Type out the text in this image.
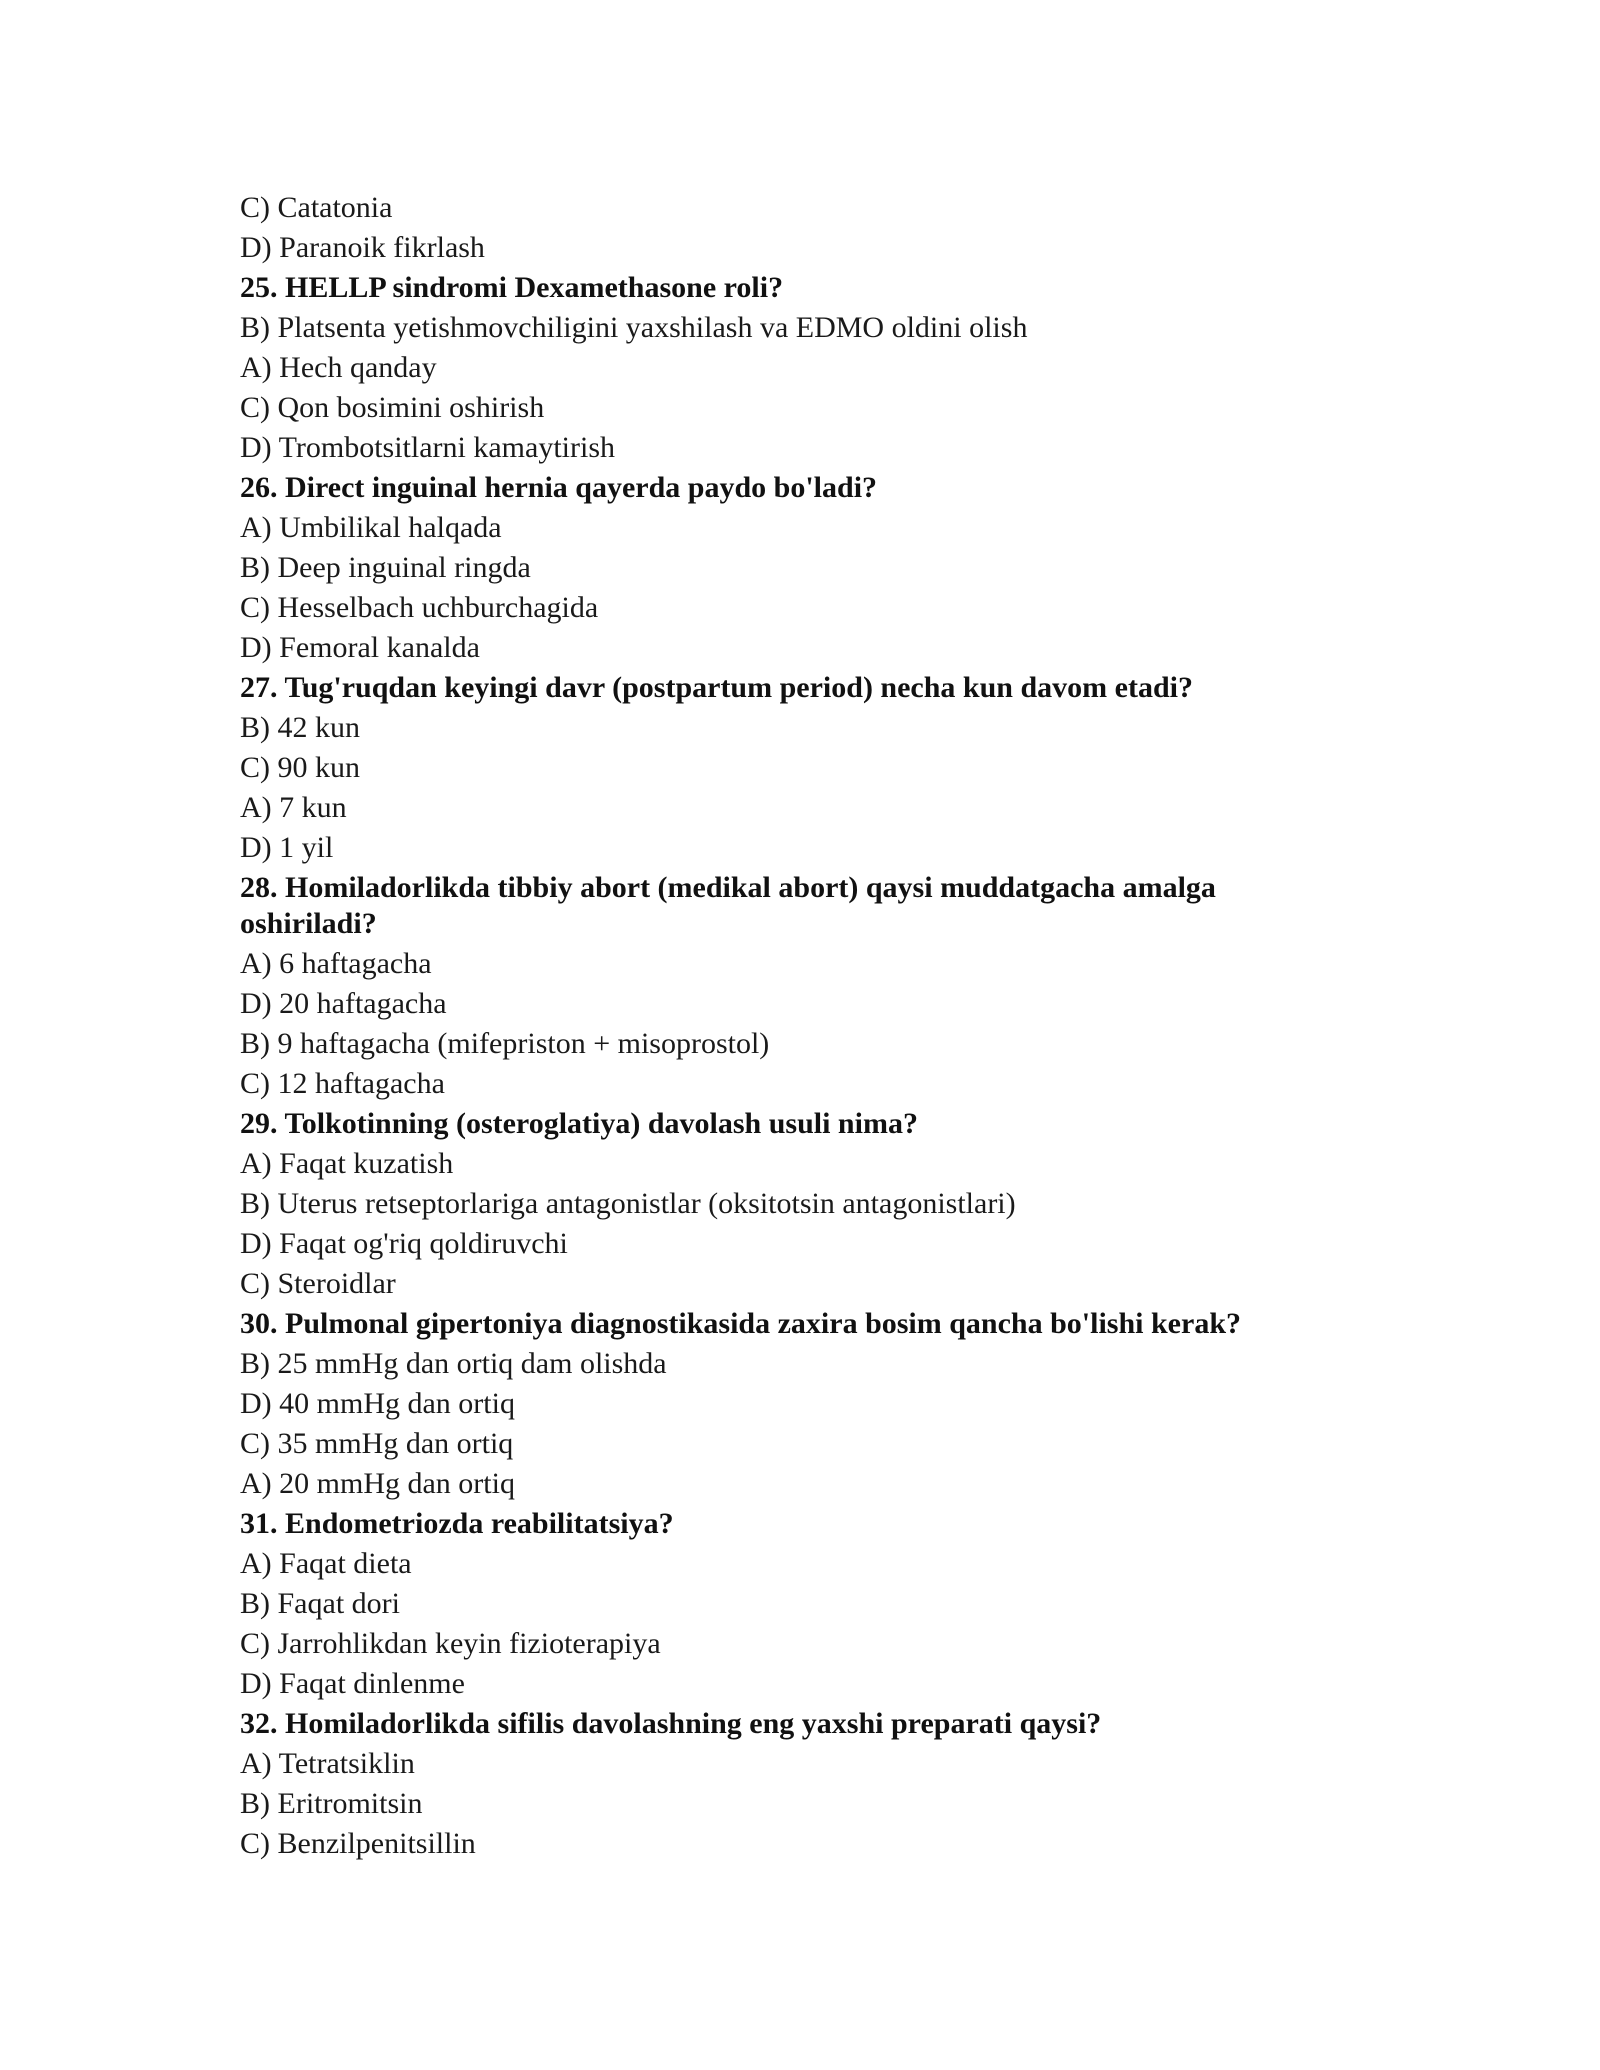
C) Catatonia
D) Paranoik fikrlash
25. HELLP sindromi Dexamethasone roli?
B) Platsenta yetishmovchiligini yaxshilash va EDMO oldini olish
A) Hech qanday
C) Qon bosimini oshirish
D) Trombotsitlarni kamaytirish
26. Direct inguinal hernia qayerda paydo bo'ladi?
A) Umbilikal halqada
B) Deep inguinal ringda
C) Hesselbach uchburchagida
D) Femoral kanalda
27. Tug'ruqdan keyingi davr (postpartum period) necha kun davom etadi?
B) 42 kun
C) 90 kun
A) 7 kun
D) 1 yil
28. Homiladorlikda tibbiy abort (medikal abort) qaysi muddatgacha amalga oshiriladi?
A) 6 haftagacha
D) 20 haftagacha
B) 9 haftagacha (mifepriston + misoprostol)
C) 12 haftagacha
29. Tolkotinning (osteroglatiya) davolash usuli nima?
A) Faqat kuzatish
B) Uterus retseptorlariga antagonistlar (oksitotsin antagonistlari)
D) Faqat og'riq qoldiruvchi
C) Steroidlar
30. Pulmonal gipertoniya diagnostikasida zaxira bosim qancha bo'lishi kerak?
B) 25 mmHg dan ortiq dam olishda
D) 40 mmHg dan ortiq
C) 35 mmHg dan ortiq
A) 20 mmHg dan ortiq
31. Endometriozda reabilitatsiya?
A) Faqat dieta
B) Faqat dori
C) Jarrohlikdan keyin fizioterapiya
D) Faqat dinlenme
32. Homiladorlikda sifilis davolashning eng yaxshi preparati qaysi?
A) Tetratsiklin
B) Eritromitsin
C) Benzilpenitsillin
